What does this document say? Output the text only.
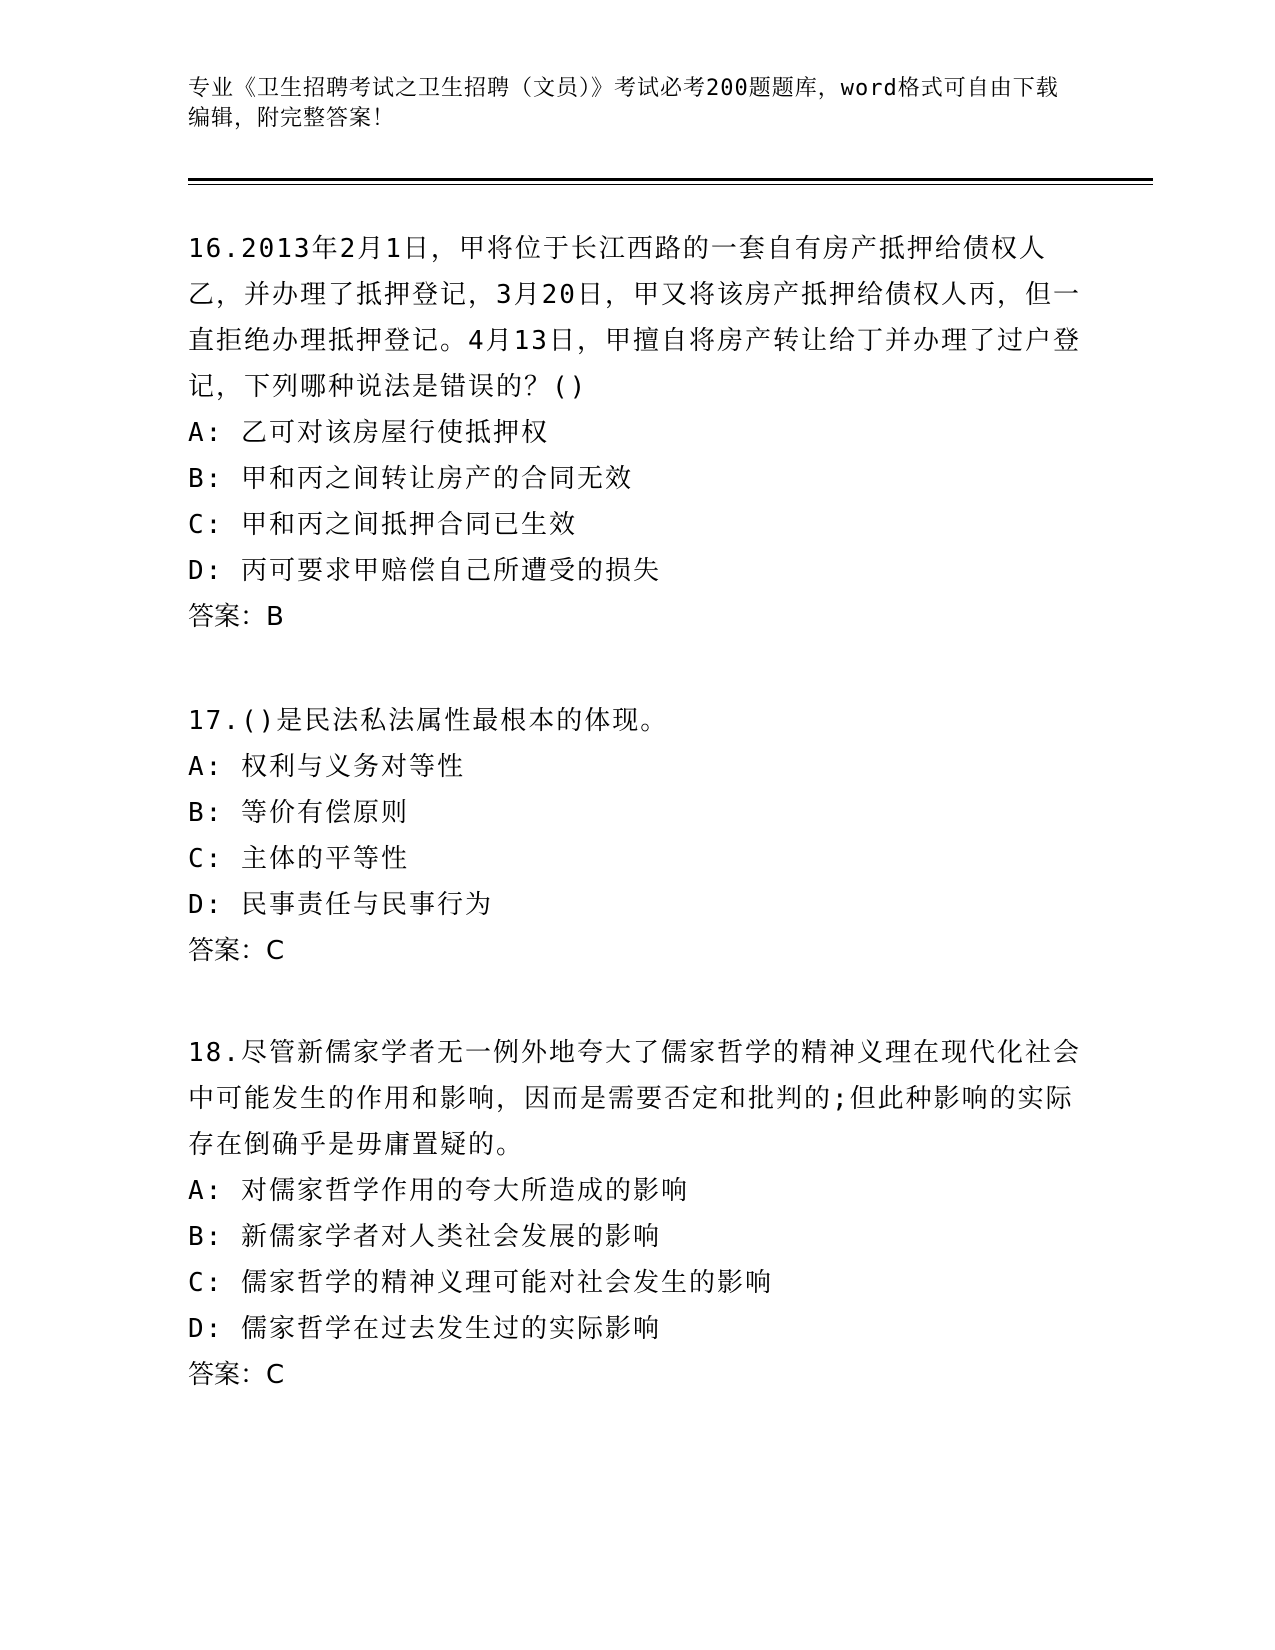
专业《卫生招聘考试之卫生招聘（文员）》考试必考200题题库，word格式可自由下载编辑，附完整答案！

16.2013年2月1日，甲将位于长江西路的一套自有房产抵押给债权人乙，并办理了抵押登记，3月20日，甲又将该房产抵押给债权人丙，但一直拒绝办理抵押登记。4月13日，甲擅自将房产转让给丁并办理了过户登记，下列哪种说法是错误的？()

A: 乙可对该房屋行使抵押权

B: 甲和丙之间转让房产的合同无效

C: 甲和丙之间抵押合同已生效

D: 丙可要求甲赔偿自己所遭受的损失

答案：B

17.()是民法私法属性最根本的体现。

A: 权利与义务对等性

B: 等价有偿原则

C: 主体的平等性

D: 民事责任与民事行为

答案：C

18.尽管新儒家学者无一例外地夸大了儒家哲学的精神义理在现代化社会中可能发生的作用和影响，因而是需要否定和批判的;但此种影响的实际存在倒确乎是毋庸置疑的。

A: 对儒家哲学作用的夸大所造成的影响

B: 新儒家学者对人类社会发展的影响

C: 儒家哲学的精神义理可能对社会发生的影响

D: 儒家哲学在过去发生过的实际影响

答案：C
